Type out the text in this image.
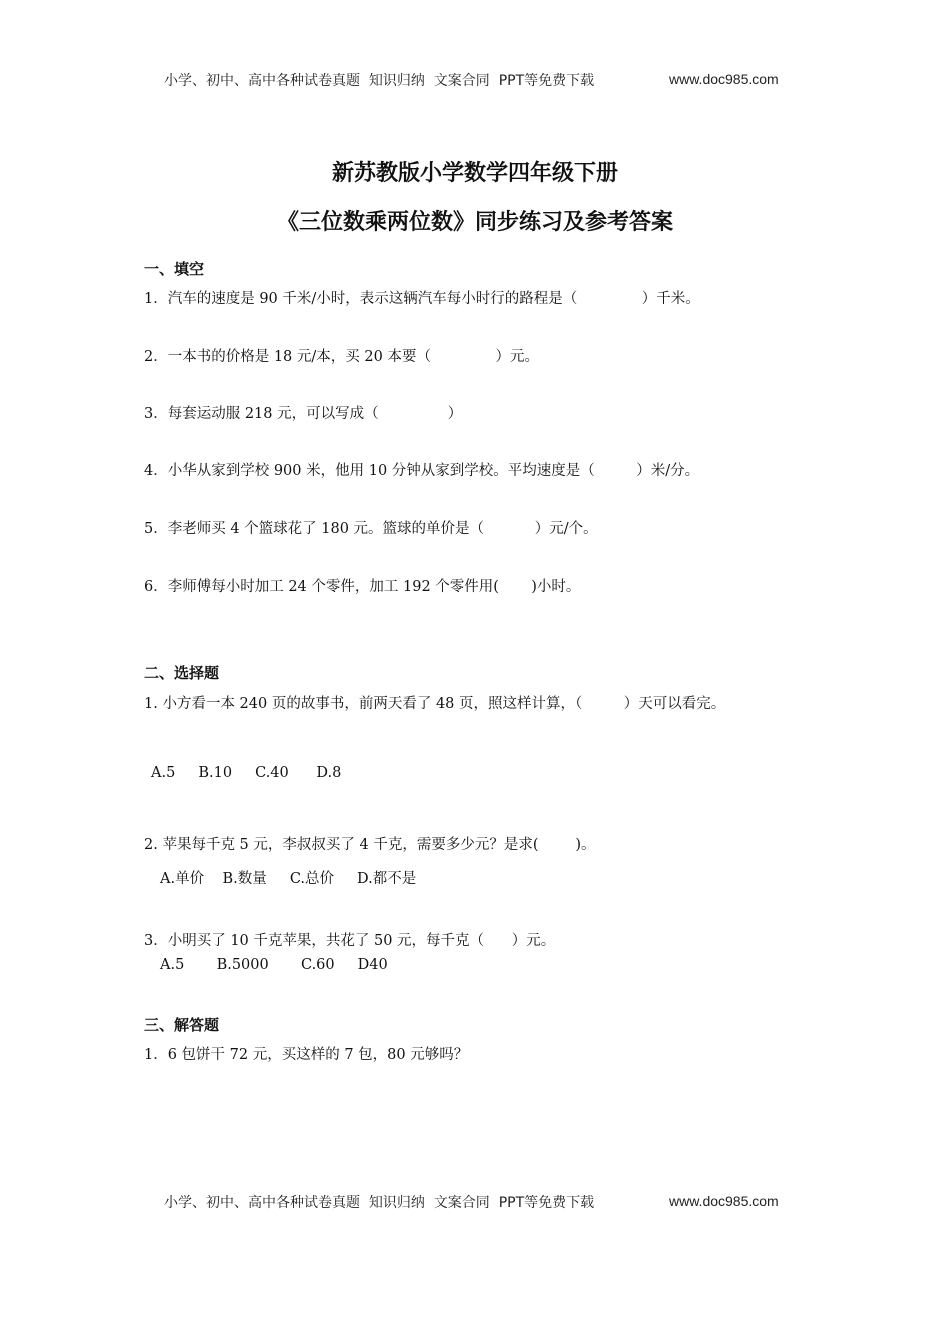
小学、初中、高中各种试卷真题  知识归纳  文案合同  PPT等免费下载	www.doc985.com
新苏教版小学数学四年级下册
《三位数乘两位数》同步练习及参考答案
一、填空
1．汽车的速度是 90 千米/小时，表示这辆汽车每小时行的路程是（              ）千米。
2．一本书的价格是 18 元/本，买 20 本要（              ）元。
3．每套运动服 218 元，可以写成（               ）
4．小华从家到学校 900 米，他用 10 分钟从家到学校。平均速度是（         ）米/分。
5．李老师买 4 个篮球花了 180 元。篮球的单价是（           ）元/个。
6．李师傅每小时加工 24 个零件，加工 192 个零件用(       )小时。
二、选择题
1. 小方看一本 240 页的故事书，前两天看了 48 页，照这样计算，（         ）天可以看完。
A.5     B.10     C.40      D.8
2. 苹果每千克 5 元，李叔叔买了 4 千克，需要多少元？是求(        )。
A.单价    B.数量     C.总价     D.都不是
3．小明买了 10 千克苹果，共花了 50 元，每千克（      ）元。
A.5       B.5000       C.60     D40
三、解答题
1．6 包饼干 72 元，买这样的 7 包，80 元够吗？
小学、初中、高中各种试卷真题  知识归纳  文案合同  PPT等免费下载	www.doc985.com
